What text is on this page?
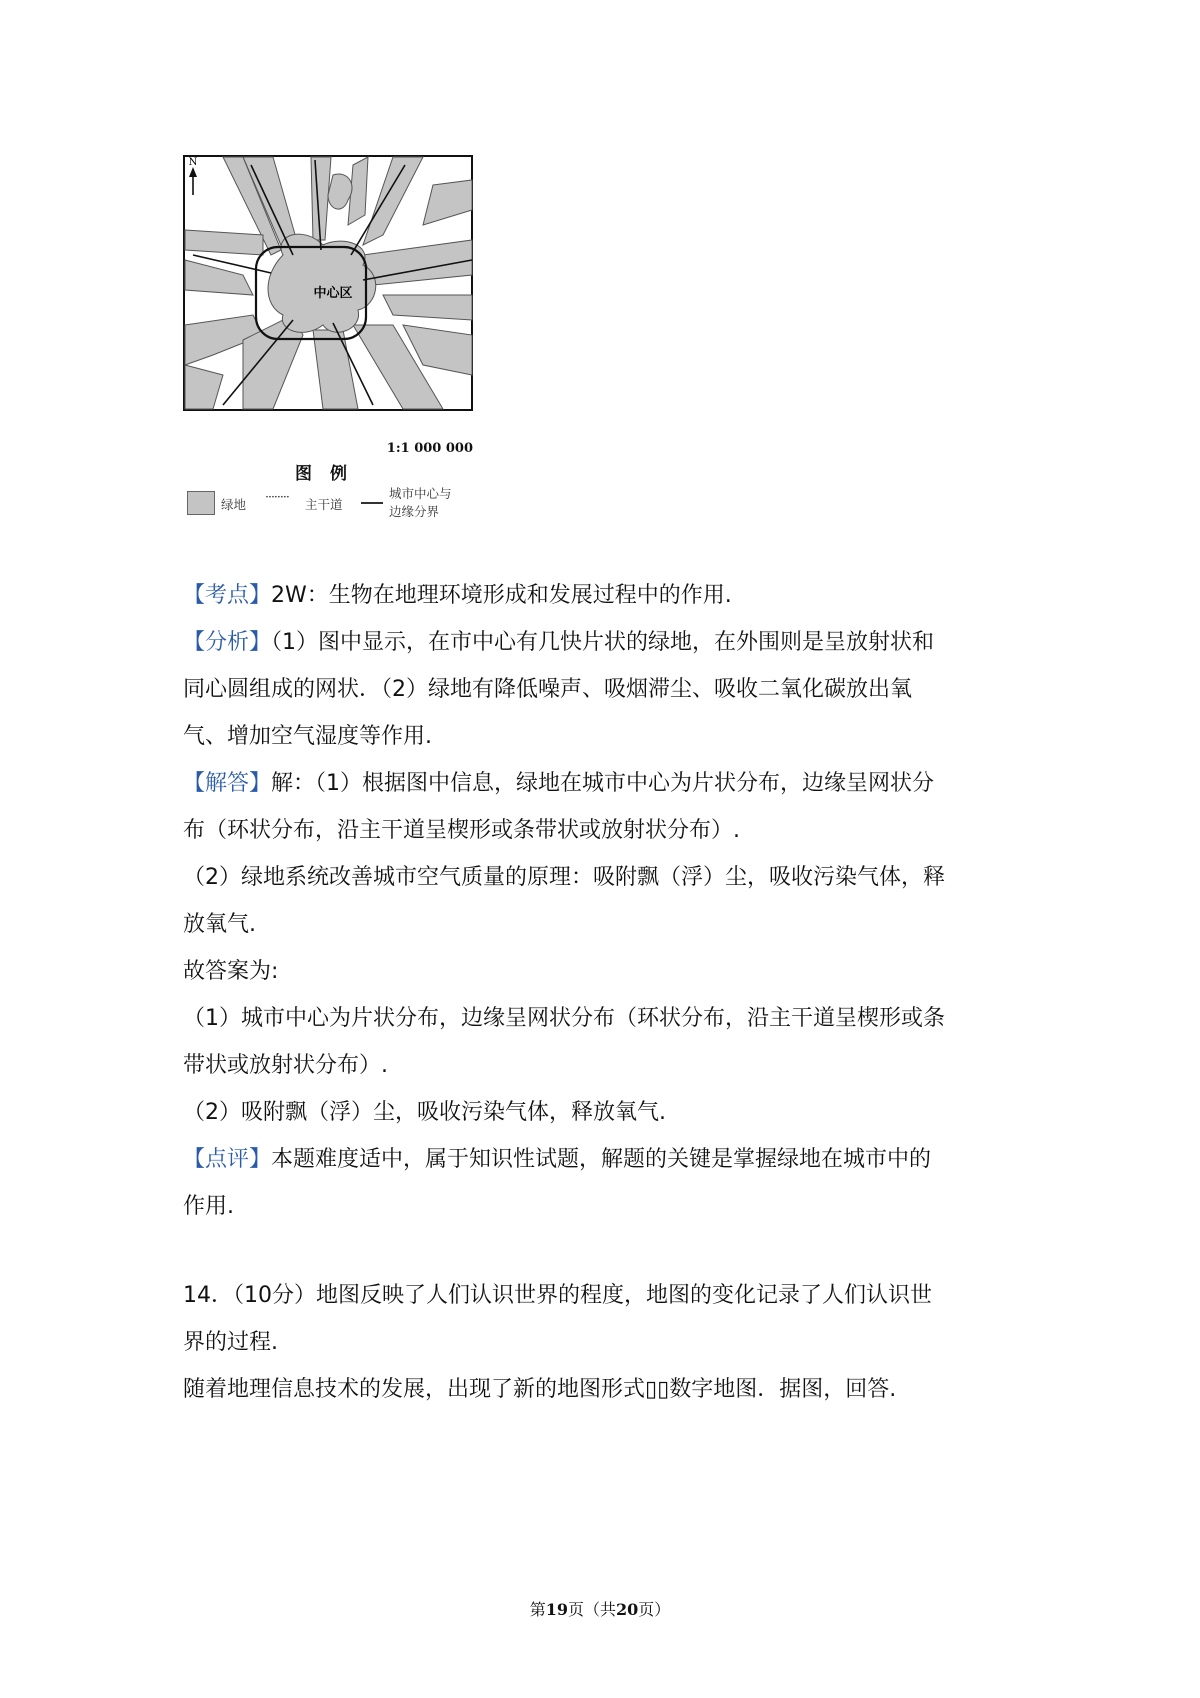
N
中心区
1:1 000 000
图例
绿地
········
主干道
城市中心与
边缘分界

【考点】2W：生物在地理环境形成和发展过程中的作用.

【分析】（1）图中显示，在市中心有几快片状的绿地，在外围则是呈放射状和

同心圆组成的网状．（2）绿地有降低噪声、吸烟滞尘、吸收二氧化碳放出氧

气、增加空气湿度等作用.

【解答】解：（1）根据图中信息，绿地在城市中心为片状分布，边缘呈网状分

布（环状分布，沿主干道呈楔形或条带状或放射状分布）.

（2）绿地系统改善城市空气质量的原理：吸附飘（浮）尘，吸收污染气体，释

放氧气.

故答案为:

（1）城市中心为片状分布，边缘呈网状分布（环状分布，沿主干道呈楔形或条

带状或放射状分布）.

（2）吸附飘（浮）尘，吸收污染气体，释放氧气.

【点评】本题难度适中，属于知识性试题，解题的关键是掌握绿地在城市中的

作用.

14．（10分）地图反映了人们认识世界的程度，地图的变化记录了人们认识世

界的过程.

随着地理信息技术的发展，出现了新的地图形式▯▯数字地图．据图，回答.

第19页（共20页）
